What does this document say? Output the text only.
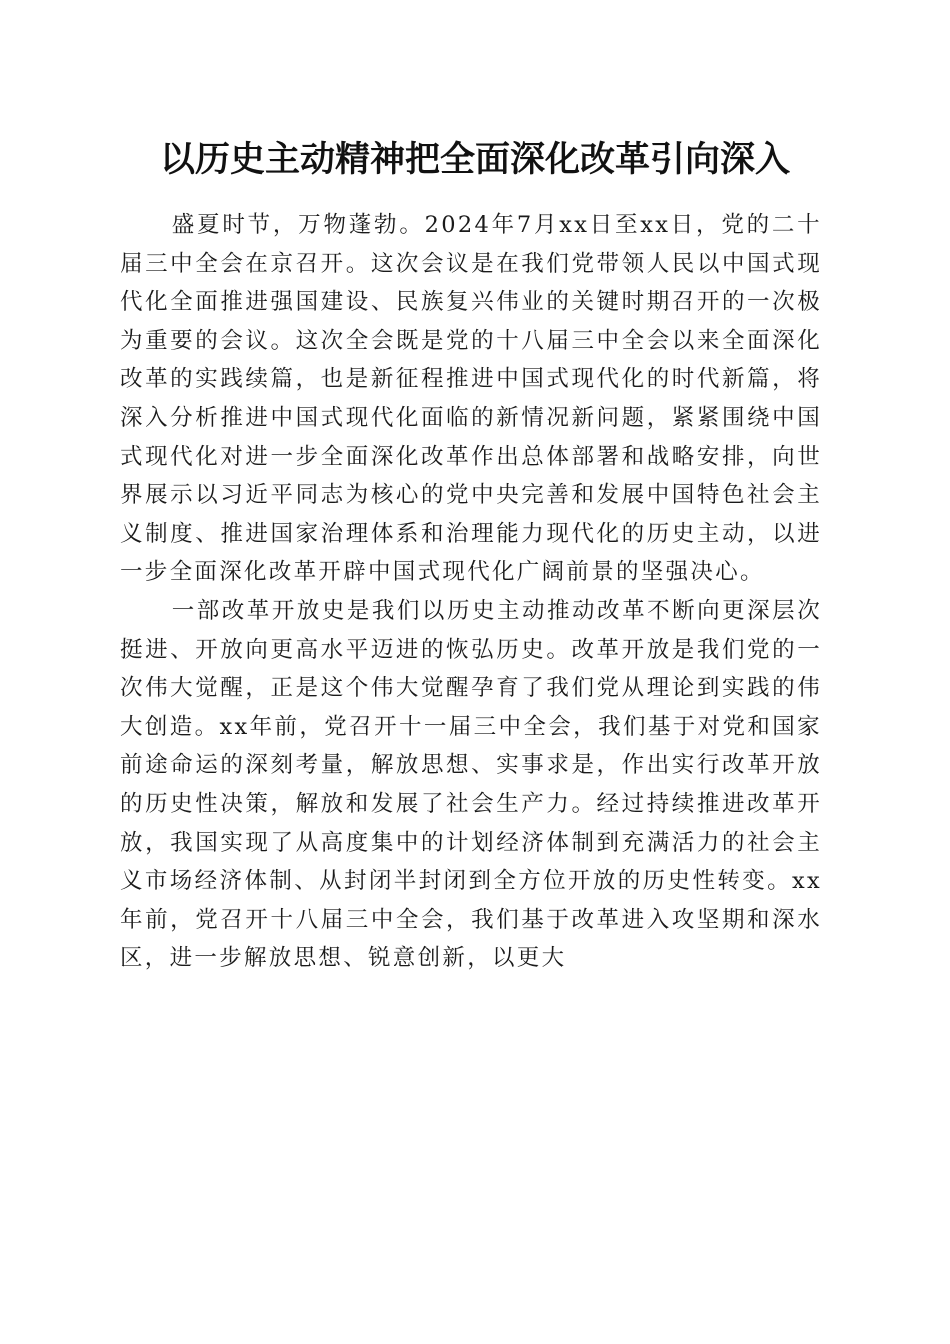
以历史主动精神把全面深化改革引向深入

盛夏时节，万物蓬勃。2024年7月xx日至xx日，党的二十届三中全会在京召开。这次会议是在我们党带领人民以中国式现代化全面推进强国建设、民族复兴伟业的关键时期召开的一次极为重要的会议。这次全会既是党的十八届三中全会以来全面深化改革的实践续篇，也是新征程推进中国式现代化的时代新篇，将深入分析推进中国式现代化面临的新情况新问题，紧紧围绕中国式现代化对进一步全面深化改革作出总体部署和战略安排，向世界展示以习近平同志为核心的党中央完善和发展中国特色社会主义制度、推进国家治理体系和治理能力现代化的历史主动，以进一步全面深化改革开辟中国式现代化广阔前景的坚强决心。

一部改革开放史是我们以历史主动推动改革不断向更深层次挺进、开放向更高水平迈进的恢弘历史。改革开放是我们党的一次伟大觉醒，正是这个伟大觉醒孕育了我们党从理论到实践的伟大创造。xx年前，党召开十一届三中全会，我们基于对党和国家前途命运的深刻考量，解放思想、实事求是，作出实行改革开放的历史性决策，解放和发展了社会生产力。经过持续推进改革开放，我国实现了从高度集中的计划经济体制到充满活力的社会主义市场经济体制、从封闭半封闭到全方位开放的历史性转变。xx年前，党召开十八届三中全会，我们基于改革进入攻坚期和深水区，进一步解放思想、锐意创新，以更大
